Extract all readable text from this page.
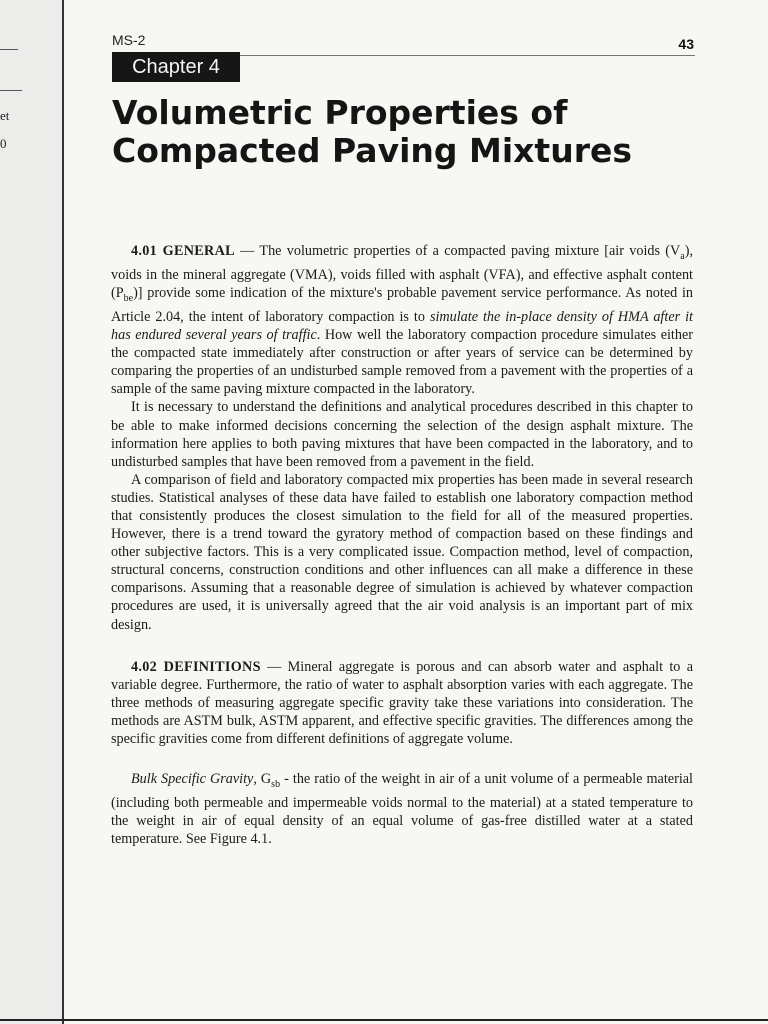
et
0
MS-2	43
Chapter 4
Volumetric Properties of Compacted Paving Mixtures

4.01 GENERAL — The volumetric properties of a compacted paving mixture [air voids $(V_a)$, voids in the mineral aggregate (VMA), voids filled with asphalt (VFA), and effective asphalt content $(P_{be})$] provide some indication of the mixture's probable pavement service performance. As noted in Article 2.04, the intent of laboratory compaction is to simulate the in-place density of HMA after it has endured several years of traffic. How well the laboratory compaction procedure simulates either the compacted state immediately after construction or after years of service can be determined by comparing the properties of an undisturbed sample removed from a pavement with the properties of a sample of the same paving mixture compacted in the laboratory.

It is necessary to understand the definitions and analytical procedures described in this chapter to be able to make informed decisions concerning the selection of the design asphalt mixture. The information here applies to both paving mixtures that have been compacted in the laboratory, and to undisturbed samples that have been removed from a pavement in the field.

A comparison of field and laboratory compacted mix properties has been made in several research studies. Statistical analyses of these data have failed to establish one laboratory compaction method that consistently produces the closest simulation to the field for all of the measured properties. However, there is a trend toward the gyratory method of compaction based on these findings and other subjective factors. This is a very complicated issue. Compaction method, level of compaction, structural concerns, construction conditions and other influences can all make a difference in these comparisons. Assuming that a reasonable degree of simulation is achieved by whatever compaction procedures are used, it is universally agreed that the air void analysis is an important part of mix design.

4.02 DEFINITIONS — Mineral aggregate is porous and can absorb water and asphalt to a variable degree. Furthermore, the ratio of water to asphalt absorption varies with each aggregate. The three methods of measuring aggregate specific gravity take these variations into consideration. The methods are ASTM bulk, ASTM apparent, and effective specific gravities. The differences among the specific gravities come from different definitions of aggregate volume.

Bulk Specific Gravity, $G_{sb}$ - the ratio of the weight in air of a unit volume of a permeable material (including both permeable and impermeable voids normal to the material) at a stated temperature to the weight in air of equal density of an equal volume of gas-free distilled water at a stated temperature. See Figure 4.1.
